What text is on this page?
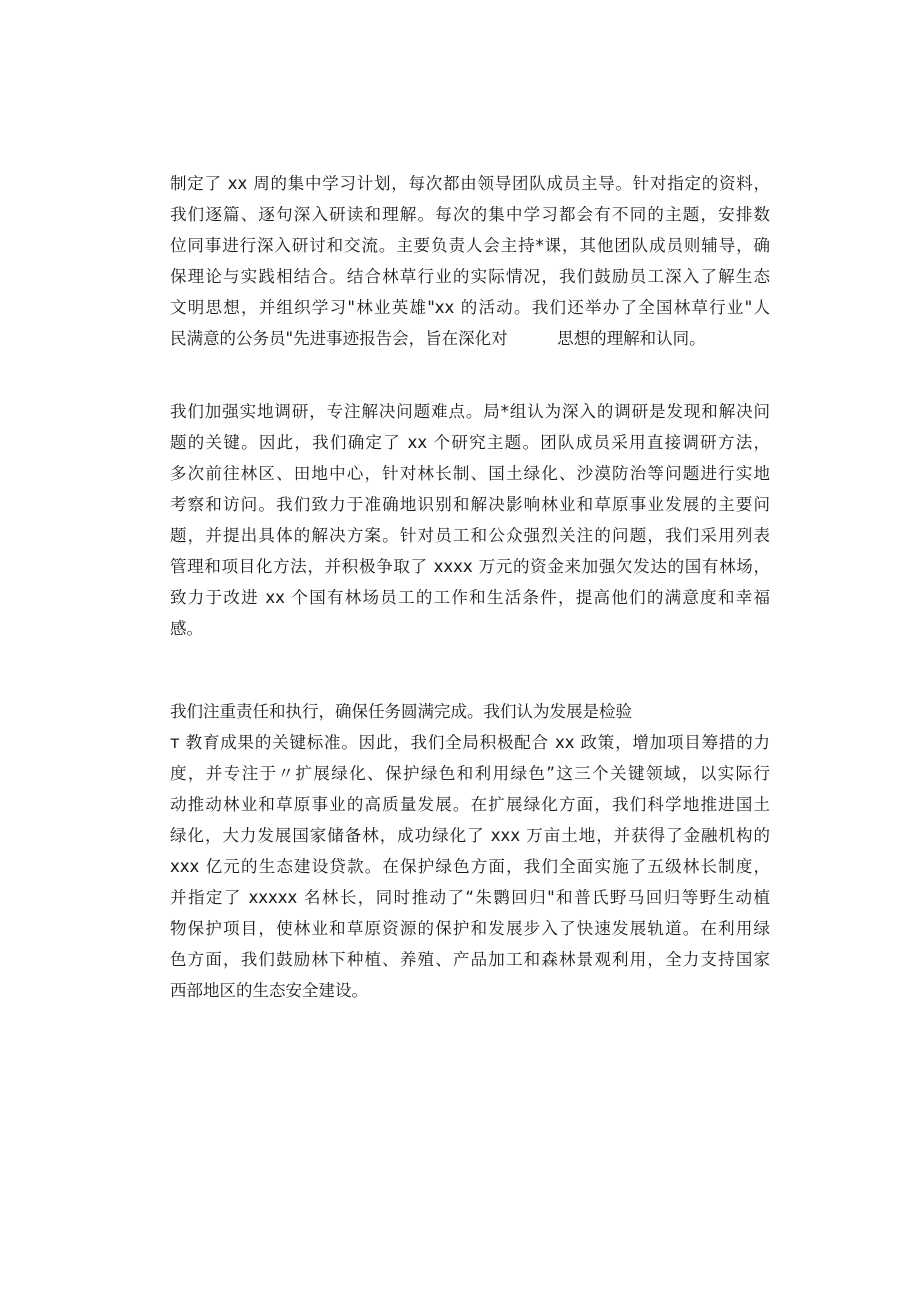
制定了 xx 周的集中学习计划，每次都由领导团队成员主导。针对指定的资料，
我们逐篇、逐句深入研读和理解。每次的集中学习都会有不同的主题，安排数
位同事进行深入研讨和交流。主要负责人会主持*课，其他团队成员则辅导，确
保理论与实践相结合。结合林草行业的实际情况，我们鼓励员工深入了解生态
文明思想，并组织学习"林业英雄"xx 的活动。我们还举办了全国林草行业"人
民满意的公务员"先进事迹报告会，旨在深化对　　　思想的理解和认同。
我们加强实地调研，专注解决问题难点。局*组认为深入的调研是发现和解决问
题的关键。因此，我们确定了 xx 个研究主题。团队成员采用直接调研方法，
多次前往林区、田地中心，针对林长制、国土绿化、沙漠防治等问题进行实地
考察和访问。我们致力于准确地识别和解决影响林业和草原事业发展的主要问
题，并提出具体的解决方案。针对员工和公众强烈关注的问题，我们采用列表
管理和项目化方法，并积极争取了 xxxx 万元的资金来加强欠发达的国有林场，
致力于改进 xx 个国有林场员工的工作和生活条件，提高他们的满意度和幸福
感。
我们注重责任和执行，确保任务圆满完成。我们认为发展是检验
т 教育成果的关键标准。因此，我们全局积极配合 xx 政策，增加项目筹措的力
度，并专注于〃扩展绿化、保护绿色和利用绿色”这三个关键领域，以实际行
动推动林业和草原事业的高质量发展。在扩展绿化方面，我们科学地推进国土
绿化，大力发展国家储备林，成功绿化了 xxx 万亩土地，并获得了金融机构的
xxx 亿元的生态建设贷款。在保护绿色方面，我们全面实施了五级林长制度，
并指定了 xxxxx 名林长，同时推动了“朱鹮回归"和普氏野马回归等野生动植
物保护项目，使林业和草原资源的保护和发展步入了快速发展轨道。在利用绿
色方面，我们鼓励林下种植、养殖、产品加工和森林景观利用，全力支持国家
西部地区的生态安全建设。
